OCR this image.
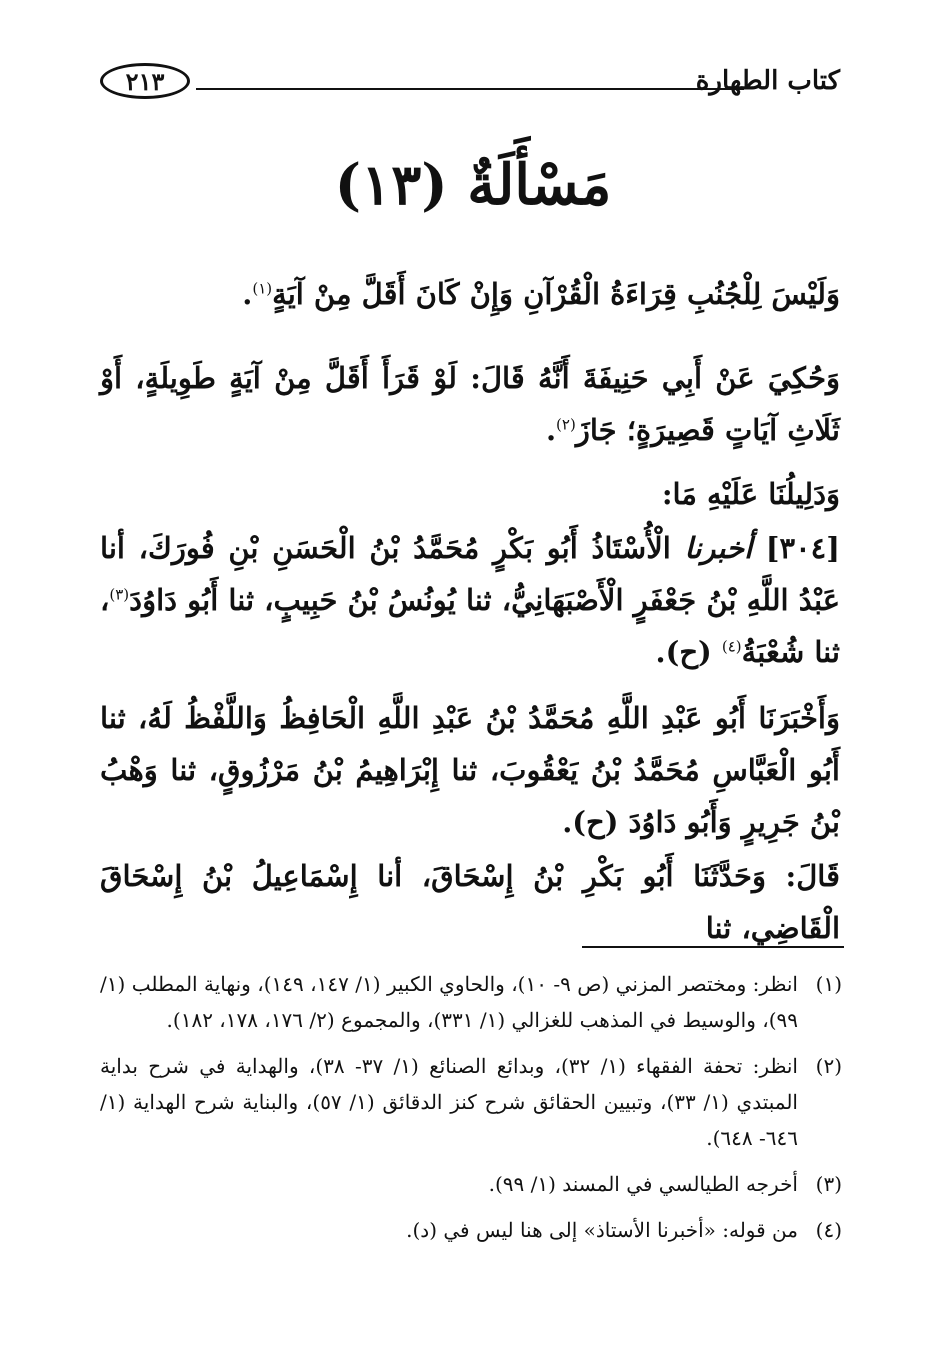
كتاب الطهارة
٢١٣
مَسْأَلَةٌ (١٣)
وَلَيْسَ لِلْجُنُبِ قِرَاءَةُ الْقُرْآنِ وَإِنْ كَانَ أَقَلَّ مِنْ آيَةٍ$^{(١)}$.
وَحُكِيَ عَنْ أَبِي حَنِيفَةَ أَنَّهُ قَالَ: لَوْ قَرَأَ أَقَلَّ مِنْ آيَةٍ طَوِيلَةٍ، أَوْ ثَلَاثِ آيَاتٍ قَصِيرَةٍ؛ جَازَ$^{(٢)}$.
وَدَلِيلُنَا عَلَيْهِ مَا:
[٣٠٤] أخبرنا الْأُسْتَاذُ أَبُو بَكْرٍ مُحَمَّدُ بْنُ الْحَسَنِ بْنِ فُورَكَ، أنا عَبْدُ اللَّهِ بْنُ جَعْفَرٍ الْأَصْبَهَانِيُّ، ثنا يُونُسُ بْنُ حَبِيبٍ، ثنا أَبُو دَاوُدَ$^{(٣)}$، ثنا شُعْبَةُ$^{(٤)}$ (ح).
وَأَخْبَرَنَا أَبُو عَبْدِ اللَّهِ مُحَمَّدُ بْنُ عَبْدِ اللَّهِ الْحَافِظُ وَاللَّفْظُ لَهُ، ثنا أَبُو الْعَبَّاسِ مُحَمَّدُ بْنُ يَعْقُوبَ، ثنا إِبْرَاهِيمُ بْنُ مَرْزُوقٍ، ثنا وَهْبُ بْنُ جَرِيرٍ وَأَبُو دَاوُدَ (ح).
قَالَ: وَحَدَّثَنَا أَبُو بَكْرِ بْنُ إِسْحَاقَ، أنا إِسْمَاعِيلُ بْنُ إِسْحَاقَ الْقَاضِي، ثنا
(١)
انظر: ومختصر المزني (ص ٩- ١٠)، والحاوي الكبير (١/ ١٤٧، ١٤٩)، ونهاية المطلب (١/ ٩٩)، والوسيط في المذهب للغزالي (١/ ٣٣١)، والمجموع (٢/ ١٧٦، ١٧٨، ١٨٢).
(٢)
انظر: تحفة الفقهاء (١/ ٣٢)، وبدائع الصنائع (١/ ٣٧- ٣٨)، والهداية في شرح بداية المبتدي (١/ ٣٣)، وتبيين الحقائق شرح كنز الدقائق (١/ ٥٧)، والبناية شرح الهداية (١/ ٦٤٦- ٦٤٨).
(٣)
أخرجه الطيالسي في المسند (١/ ٩٩).
(٤)
من قوله: «أخبرنا الأستاذ» إلى هنا ليس في (د).
